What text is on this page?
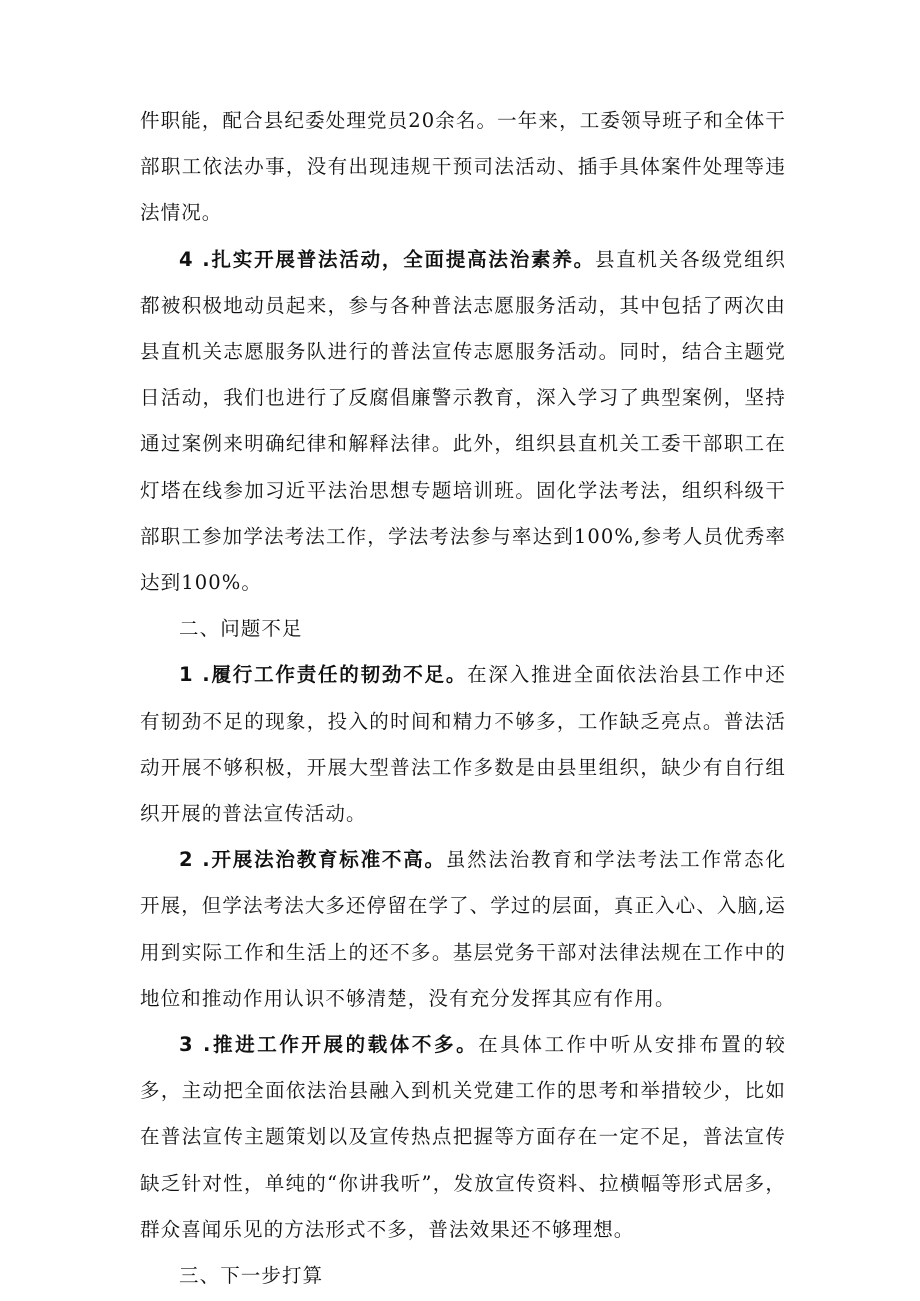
件职能，配合县纪委处理党员20余名。一年来，工委领导班子和全体干部职工依法办事，没有出现违规干预司法活动、插手具体案件处理等违法情况。

4 .扎实开展普法活动，全面提高法治素养。县直机关各级党组织都被积极地动员起来，参与各种普法志愿服务活动，其中包括了两次由县直机关志愿服务队进行的普法宣传志愿服务活动。同时，结合主题党日活动，我们也进行了反腐倡廉警示教育，深入学习了典型案例，坚持通过案例来明确纪律和解释法律。此外，组织县直机关工委干部职工在灯塔在线参加习近平法治思想专题培训班。固化学法考法，组织科级干部职工参加学法考法工作，学法考法参与率达到100%,参考人员优秀率达到100%。

二、问题不足

1 .履行工作责任的韧劲不足。在深入推进全面依法治县工作中还有韧劲不足的现象，投入的时间和精力不够多，工作缺乏亮点。普法活动开展不够积极，开展大型普法工作多数是由县里组织，缺少有自行组织开展的普法宣传活动。

2 .开展法治教育标准不高。虽然法治教育和学法考法工作常态化开展，但学法考法大多还停留在学了、学过的层面，真正入心、入脑,运用到实际工作和生活上的还不多。基层党务干部对法律法规在工作中的地位和推动作用认识不够清楚，没有充分发挥其应有作用。

3 .推进工作开展的载体不多。在具体工作中听从安排布置的较多，主动把全面依法治县融入到机关党建工作的思考和举措较少，比如在普法宣传主题策划以及宣传热点把握等方面存在一定不足，普法宣传缺乏针对性，单纯的“你讲我听”，发放宣传资料、拉横幅等形式居多，群众喜闻乐见的方法形式不多，普法效果还不够理想。

三、下一步打算
